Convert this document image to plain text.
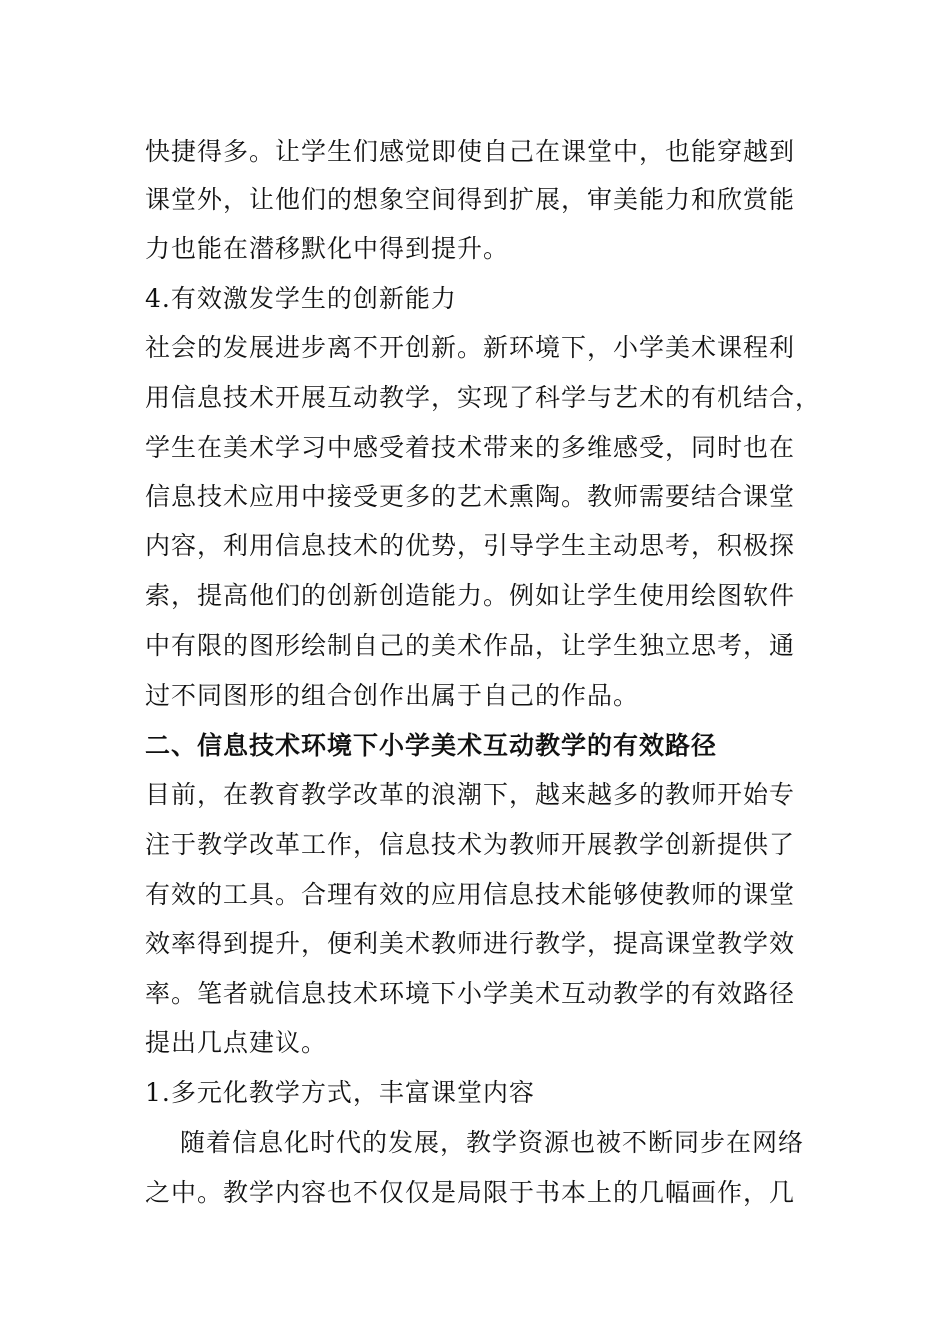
快捷得多。让学生们感觉即使自己在课堂中，也能穿越到
课堂外，让他们的想象空间得到扩展，审美能力和欣赏能
力也能在潜移默化中得到提升。
4.有效激发学生的创新能力
社会的发展进步离不开创新。新环境下，小学美术课程利
用信息技术开展互动教学，实现了科学与艺术的有机结合，
学生在美术学习中感受着技术带来的多维感受，同时也在
信息技术应用中接受更多的艺术熏陶。教师需要结合课堂
内容，利用信息技术的优势，引导学生主动思考，积极探
索，提高他们的创新创造能力。例如让学生使用绘图软件
中有限的图形绘制自己的美术作品，让学生独立思考，通
过不同图形的组合创作出属于自己的作品。
二、信息技术环境下小学美术互动教学的有效路径
目前，在教育教学改革的浪潮下，越来越多的教师开始专
注于教学改革工作，信息技术为教师开展教学创新提供了
有效的工具。合理有效的应用信息技术能够使教师的课堂
效率得到提升，便利美术教师进行教学，提高课堂教学效
率。笔者就信息技术环境下小学美术互动教学的有效路径
提出几点建议。
1.多元化教学方式，丰富课堂内容
随着信息化时代的发展，教学资源也被不断同步在网络
之中。教学内容也不仅仅是局限于书本上的几幅画作，几
